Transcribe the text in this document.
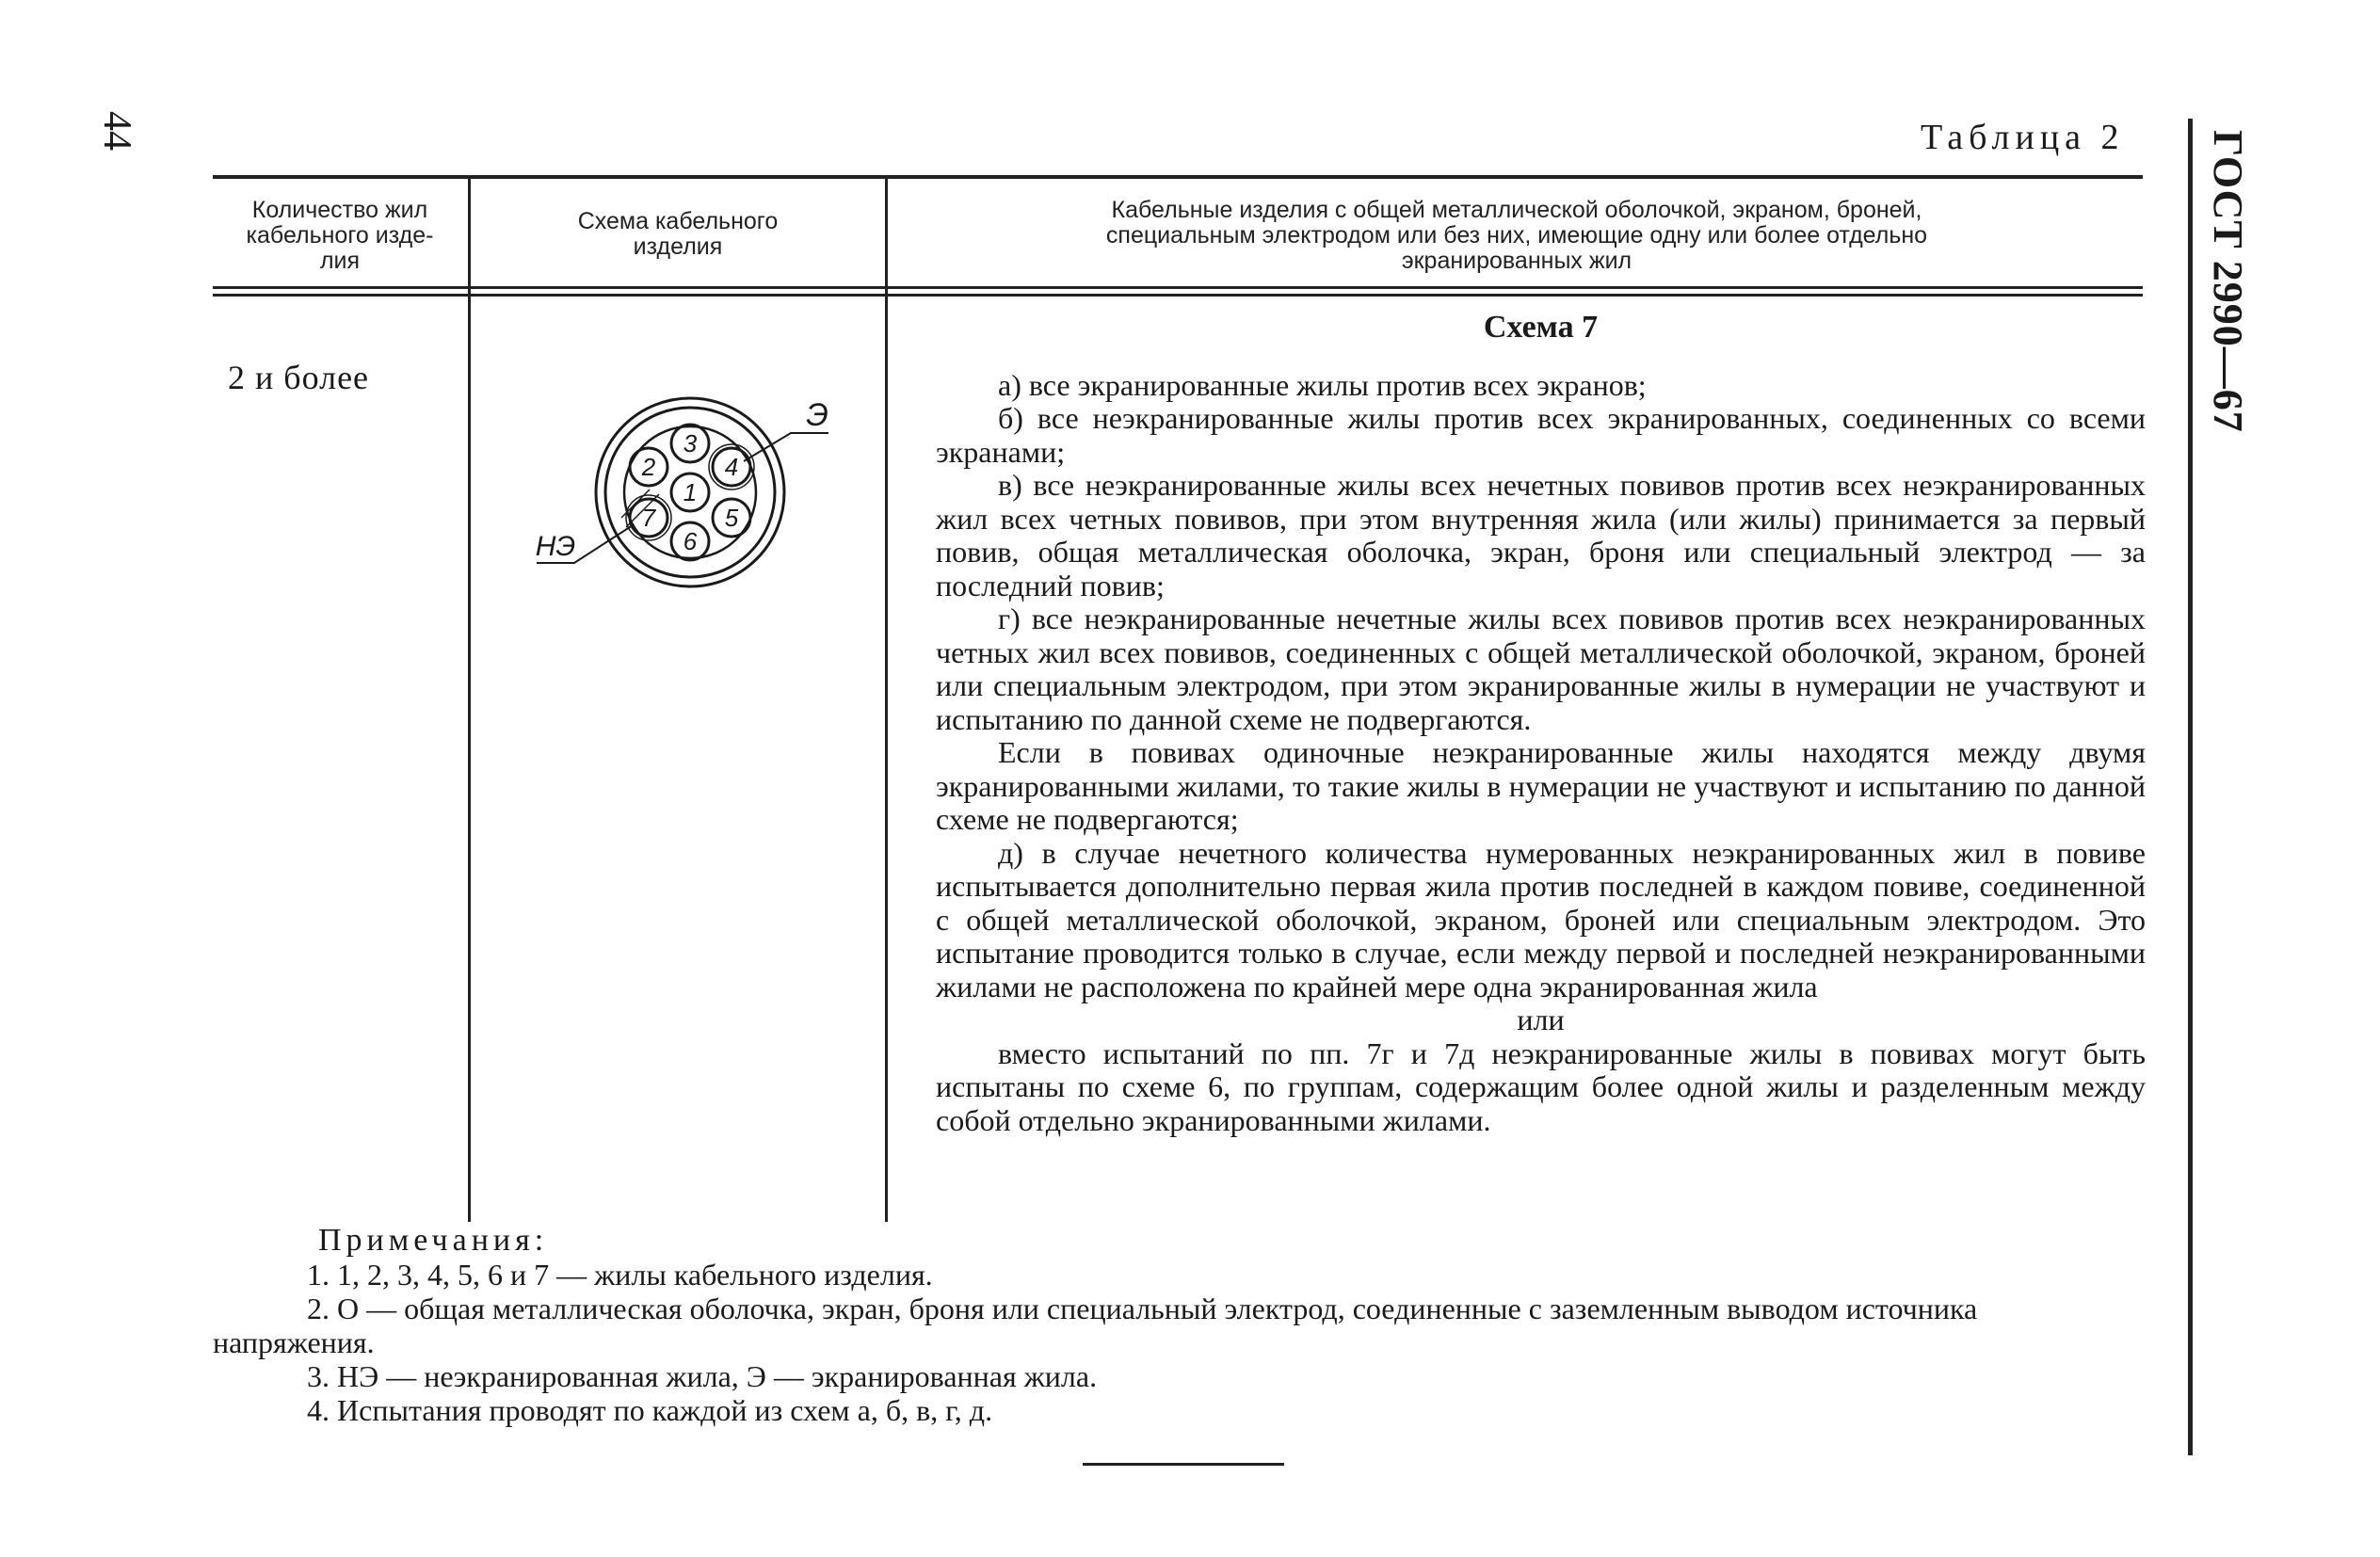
44	ГОСТ 2990—67
Таблица 2
Количество жил
кабельного изде-
лия
Схема кабельного
изделия
Кабельные изделия с общей металлической оболочкой, экраном, броней,
специальным электродом или без них, имеющие одну или более отдельно
экранированных жил
2 и более
1
2
3
4
5
6
7
Э
НЭ

Схема 7

а) все экранированные жилы против всех экранов;

б) все неэкранированные жилы против всех экранированных, соединенных со всеми экранами;

в) все неэкранированные жилы всех нечетных повивов против всех неэкранированных жил всех четных повивов, при этом внутренняя жила (или жилы) принимается за первый повив, общая металлическая оболочка, экран, броня или специальный электрод — за последний повив;

г) все неэкранированные нечетные жилы всех повивов против всех неэкранированных четных жил всех повивов, соединенных с общей металлической оболочкой, экраном, броней или специальным электродом, при этом экранированные жилы в нумерации не участвуют и испытанию по данной схеме не подвергаются.

Если в повивах одиночные неэкранированные жилы находятся между двумя экранированными жилами, то такие жилы в нумерации не участвуют и испытанию по данной схеме не подвергаются;

д) в случае нечетного количества нумерованных неэкранированных жил в повиве испытывается дополнительно первая жила против последней в каждом повиве, соединенной с общей металлической оболочкой, экраном, броней или специальным электродом. Это испытание проводится только в случае, если между первой и последней неэкранированными жилами не расположена по крайней мере одна экранированная жила

или

вместо испытаний по пп. 7г и 7д неэкранированные жилы в повивах могут быть испытаны по схеме 6, по группам, содержащим более одной жилы и разделенным между собой отдельно экранированными жилами.

Примечания:

1. 1, 2, 3, 4, 5, 6 и 7 — жилы кабельного изделия.

2. О — общая металлическая оболочка, экран, броня или специальный электрод, соединенные с заземленным выводом источника напряжения.

3. НЭ — неэкранированная жила, Э — экранированная жила.

4. Испытания проводят по каждой из схем а, б, в, г, д.
